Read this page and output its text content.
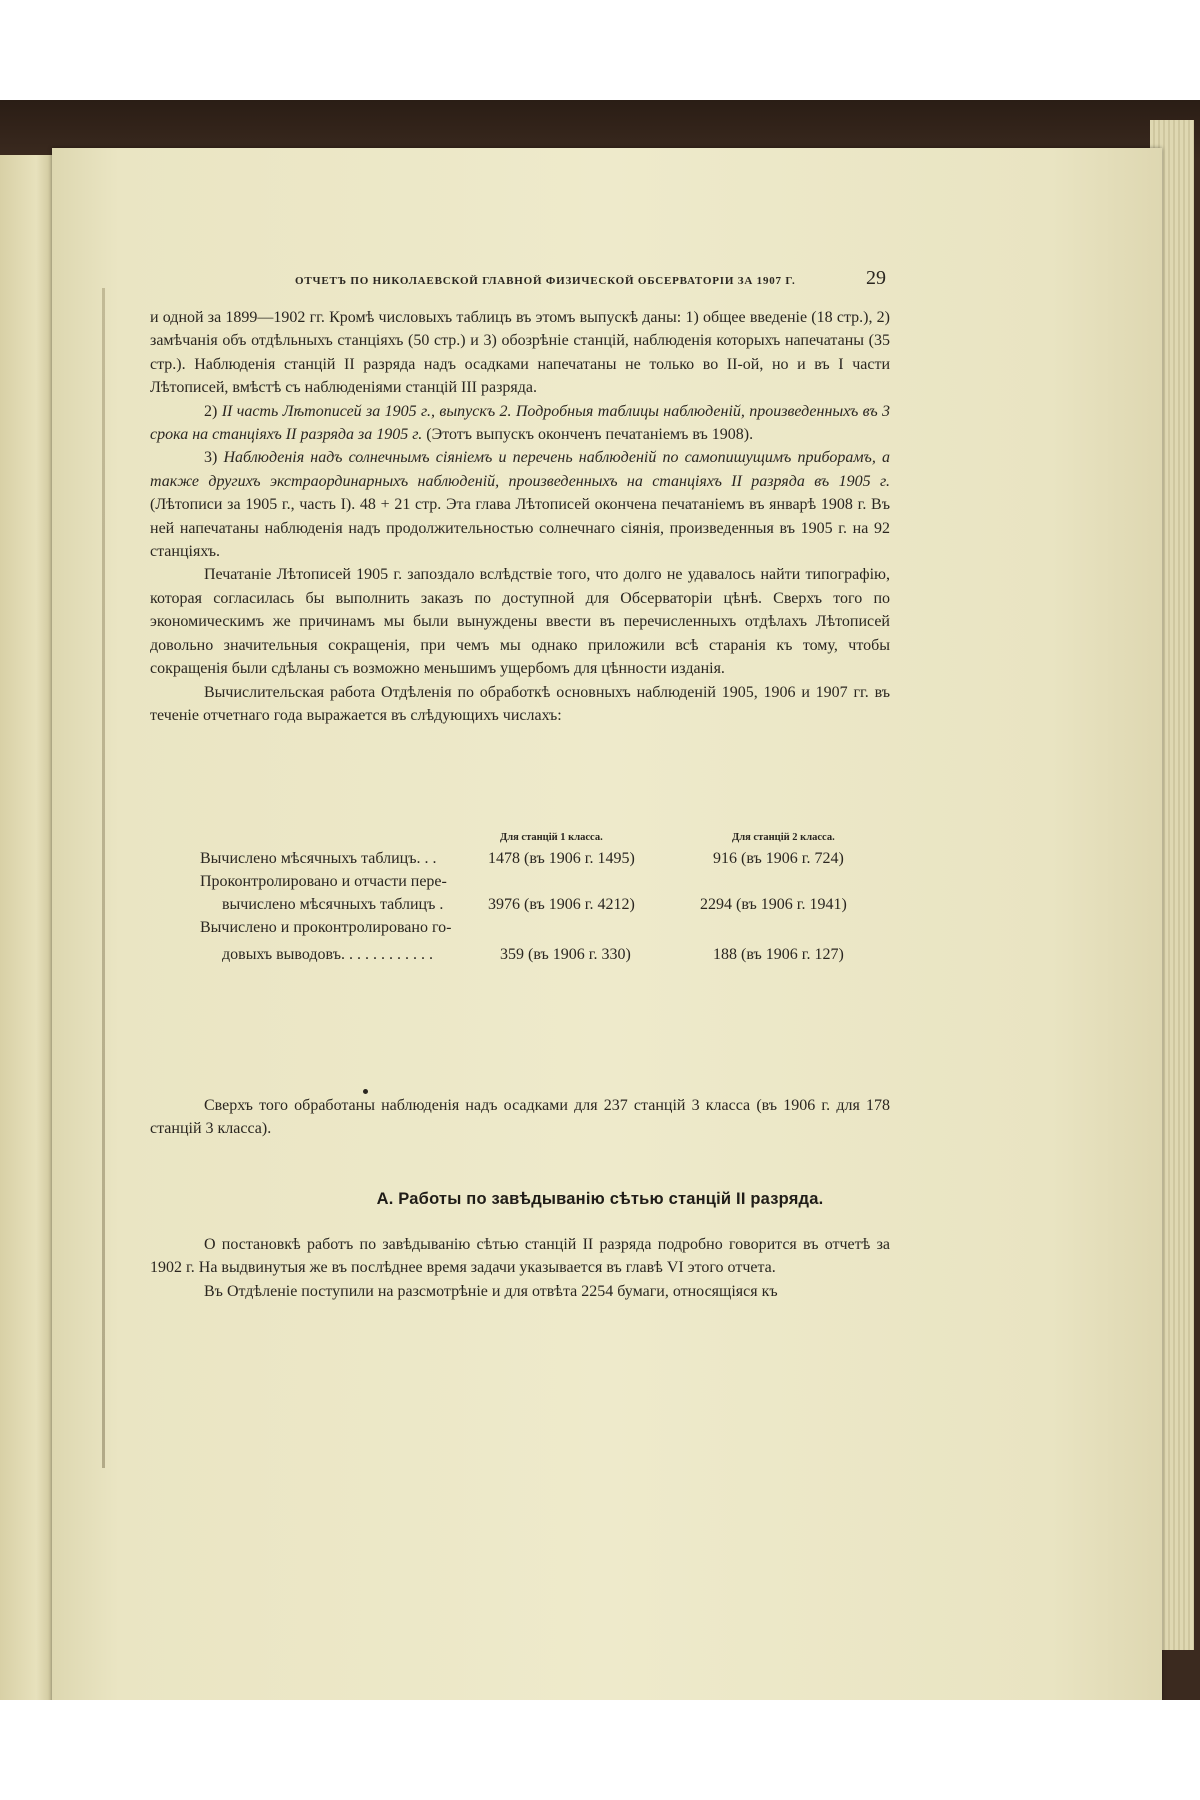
ОТЧЕТЪ ПО НИКОЛАЕВСКОЙ ГЛАВНОЙ ФИЗИЧЕСКОЙ ОБСЕРВАТОРІИ ЗА 1907 Г.	29

и одной за 1899—1902 гг. Кромѣ числовыхъ таблицъ въ этомъ выпускѣ даны: 1) общее введеніе (18 стр.), 2) замѣчанія объ отдѣльныхъ станціяхъ (50 стр.) и 3) обозрѣніе станцій, наблюденія которыхъ напечатаны (35 стр.). Наблюденія станцій II разряда надъ осадками напечатаны не только во II-ой, но и въ I части Лѣтописей, вмѣстѣ съ наблюденіями станцій III разряда.

2) II часть Лѣтописей за 1905 г., выпускъ 2. Подробныя таблицы наблюденій, произведенныхъ въ 3 срока на станціяхъ II разряда за 1905 г. (Этотъ выпускъ оконченъ печатаніемъ въ 1908).

3) Наблюденія надъ солнечнымъ сіяніемъ и перечень наблюденій по самопишущимъ приборамъ, а также другихъ экстраординарныхъ наблюденій, произведенныхъ на станціяхъ II разряда въ 1905 г. (Лѣтописи за 1905 г., часть I). 48 + 21 стр. Эта глава Лѣтописей окончена печатаніемъ въ январѣ 1908 г. Въ ней напечатаны наблюденія надъ продолжительностью солнечнаго сіянія, произведенныя въ 1905 г. на 92 станціяхъ.

Печатаніе Лѣтописей 1905 г. запоздало вслѣдствіе того, что долго не удавалось найти типографію, которая согласилась бы выполнить заказъ по доступной для Обсерваторіи цѣнѣ. Сверхъ того по экономическимъ же причинамъ мы были вынуждены ввести въ перечисленныхъ отдѣлахъ Лѣтописей довольно значительныя сокращенія, при чемъ мы однако приложили всѣ старанія къ тому, чтобы сокращенія были сдѣланы съ возможно меньшимъ ущербомъ для цѣнности изданія.

Вычислительская работа Отдѣленія по обработкѣ основныхъ наблюденій 1905, 1906 и 1907 гг. въ теченіе отчетнаго года выражается въ слѣдующихъ числахъ:

Для станцій 1 класса.	Для станцій 2 класса.
Вычислено мѣсячныхъ таблицъ. . .	1478 (въ 1906 г. 1495)	916 (въ 1906 г. 724)
Проконтролировано и отчасти пере-
вычислено мѣсячныхъ таблицъ .	3976 (въ 1906 г. 4212)	2294 (въ 1906 г. 1941)
Вычислено и проконтролировано го-
довыхъ выводовъ. . . . . . . . . . . .	359 (въ 1906 г. 330)	188 (въ 1906 г. 127)

Сверхъ того обработаны наблюденія надъ осадками для 237 станцій 3 класса (въ 1906 г. для 178 станцій 3 класса).

А. Работы по завѣдыванію сѣтью станцій II разряда.

О постановкѣ работъ по завѣдыванію сѣтью станцій II разряда подробно говорится въ отчетѣ за 1902 г. На выдвинутыя же въ послѣднее время задачи указывается въ главѣ VI этого отчета.

Въ Отдѣленіе поступили на разсмотрѣніе и для отвѣта 2254 бумаги, относящіяся къ
